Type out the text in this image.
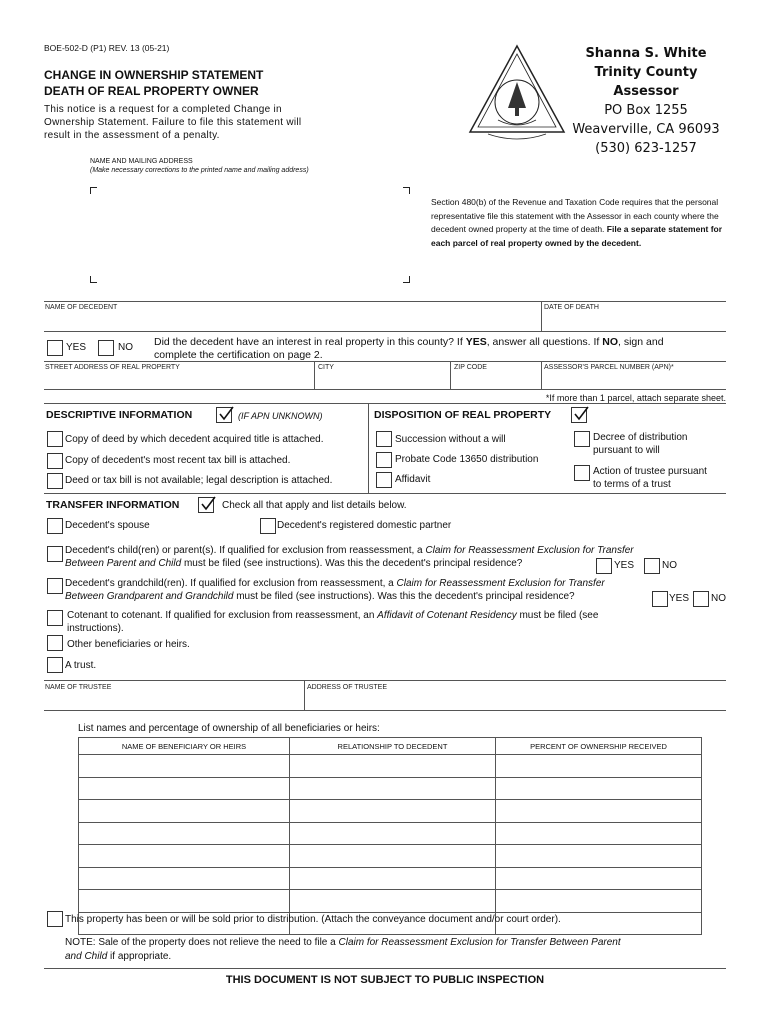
BOE-502-D (P1) REV. 13 (05-21)
CHANGE IN OWNERSHIP STATEMENT
DEATH OF REAL PROPERTY OWNER
This notice is a request for a completed Change in Ownership Statement. Failure to file this statement will result in the assessment of a penalty.
Shanna S. White
Trinity County Assessor
PO Box 1255
Weaverville, CA 96093
(530) 623-1257
NAME AND MAILING ADDRESS
(Make necessary corrections to the printed name and mailing address)
Section 480(b) of the Revenue and Taxation Code requires that the personal representative file this statement with the Assessor in each county where the decedent owned property at the time of death. File a separate statement for each parcel of real property owned by the decedent.
NAME OF DECEDENT	DATE OF DEATH
YES	NO Did the decedent have an interest in real property in this county? If YES, answer all questions. If NO, sign and
complete the certification on page 2.
STREET ADDRESS OF REAL PROPERTY	CITY	ZIP CODE	ASSESSOR'S PARCEL NUMBER (APN)*
*If more than 1 parcel, attach separate sheet.
DESCRIPTIVE INFORMATION	(IF APN UNKNOWN)
Copy of deed by which decedent acquired title is attached.
Copy of decedent's most recent tax bill is attached.
Deed or tax bill is not available; legal description is attached.
DISPOSITION OF REAL PROPERTY
Succession without a will
Probate Code 13650 distribution
Affidavit
Decree of distribution
pursuant to will
Action of trustee pursuant
to terms of a trust
TRANSFER INFORMATION	Check all that apply and list details below.
Decedent's spouse	Decedent's registered domestic partner
Decedent's child(ren) or parent(s). If qualified for exclusion from reassessment, a Claim for Reassessment Exclusion for Transfer
Between Parent and Child must be filed (see instructions). Was this the decedent's principal residence?	YES	NO
Decedent's grandchild(ren). If qualified for exclusion from reassessment, a Claim for Reassessment Exclusion for Transfer
Between Grandparent and Grandchild must be filed (see instructions). Was this the decedent's principal residence?	YES NO
Cotenant to cotenant. If qualified for exclusion from reassessment, an Affidavit of Cotenant Residency must be filed (see
instructions).
Other beneficiaries or heirs.
A trust.
NAME OF TRUSTEE	ADDRESS OF TRUSTEE
List names and percentage of ownership of all beneficiaries or heirs:
NAME OF BENEFICIARY OR HEIRS	RELATIONSHIP TO DECEDENT	PERCENT OF OWNERSHIP RECEIVED

This property has been or will be sold prior to distribution. (Attach the conveyance document and/or court order).
NOTE: Sale of the property does not relieve the need to file a Claim for Reassessment Exclusion for Transfer Between Parent
and Child if appropriate.
THIS DOCUMENT IS NOT SUBJECT TO PUBLIC INSPECTION
